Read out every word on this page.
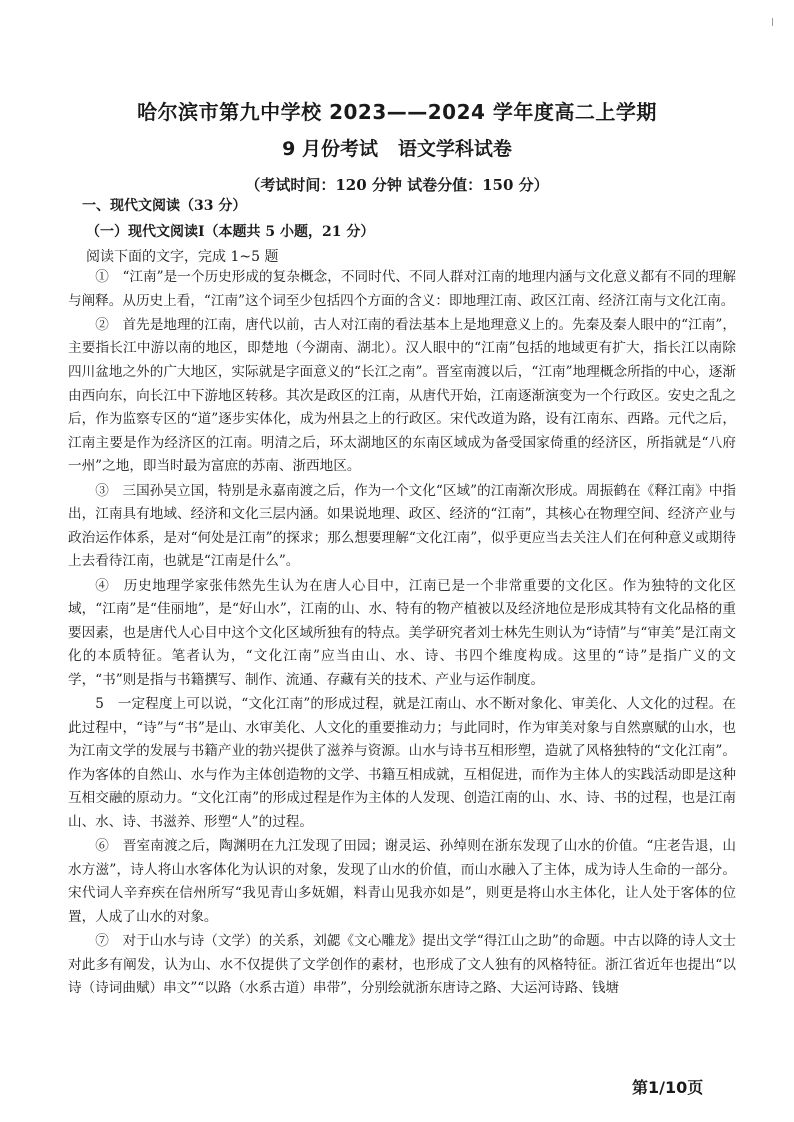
哈尔滨市第九中学校 2023——2024 学年度高二上学期
9 月份考试   语文学科试卷
（考试时间：120 分钟 试卷分值：150 分）
一、现代文阅读（33 分）
（一）现代文阅读Ⅰ（本题共 5 小题，21 分）
阅读下面的文字，完成 1~5 题

①　“江南”是一个历史形成的复杂概念，不同时代、不同人群对江南的地理内涵与文化意义都有不同的理解与阐释。从历史上看，“江南”这个词至少包括四个方面的含义：即地理江南、政区江南、经济江南与文化江南。

②　首先是地理的江南，唐代以前，古人对江南的看法基本上是地理意义上的。先秦及秦人眼中的“江南”，主要指长江中游以南的地区，即楚地（今湖南、湖北）。汉人眼中的“江南”包括的地域更有扩大，指长江以南除四川盆地之外的广大地区，实际就是字面意义的“长江之南”。晋室南渡以后，“江南”地理概念所指的中心，逐渐由西向东，向长江中下游地区转移。其次是政区的江南，从唐代开始，江南逐渐演变为一个行政区。安史之乱之后，作为监察专区的“道”逐步实体化，成为州县之上的行政区。宋代改道为路，设有江南东、西路。元代之后，江南主要是作为经济区的江南。明清之后，环太湖地区的东南区域成为备受国家倚重的经济区，所指就是“八府一州”之地，即当时最为富庶的苏南、浙西地区。

③　三国孙吴立国，特别是永嘉南渡之后，作为一个文化“区域”的江南渐次形成。周振鹤在《释江南》中指出，江南具有地域、经济和文化三层内涵。如果说地理、政区、经济的“江南”，其核心在物理空间、经济产业与政治运作体系，是对“何处是江南”的探求；那么想要理解“文化江南”，似乎更应当去关注人们在何种意义或期待上去看待江南，也就是“江南是什么”。

④　历史地理学家张伟然先生认为在唐人心目中，江南已是一个非常重要的文化区。作为独特的文化区域，“江南”是“佳丽地”，是“好山水”，江南的山、水、特有的物产植被以及经济地位是形成其特有文化品格的重要因素，也是唐代人心目中这个文化区域所独有的特点。美学研究者刘士林先生则认为“诗情”与“审美”是江南文化的本质特征。笔者认为，“文化江南”应当由山、水、诗、书四个维度构成。这里的“诗”是指广义的文学，“书”则是指与书籍撰写、制作、流通、存藏有关的技术、产业与运作制度。

5　一定程度上可以说，“文化江南”的形成过程，就是江南山、水不断对象化、审美化、人文化的过程。在此过程中，“诗”与“书”是山、水审美化、人文化的重要推动力；与此同时，作为审美对象与自然禀赋的山水，也为江南文学的发展与书籍产业的勃兴提供了滋养与资源。山水与诗书互相形塑，造就了风格独特的“文化江南”。作为客体的自然山、水与作为主体创造物的文学、书籍互相成就，互相促进，而作为主体人的实践活动即是这种互相交融的原动力。“文化江南”的形成过程是作为主体的人发现、创造江南的山、水、诗、书的过程，也是江南山、水、诗、书滋养、形塑“人”的过程。

⑥　晋室南渡之后，陶渊明在九江发现了田园；谢灵运、孙绰则在浙东发现了山水的价值。“庄老告退，山水方滋”，诗人将山水客体化为认识的对象，发现了山水的价值，而山水融入了主体，成为诗人生命的一部分。宋代词人辛弃疾在信州所写“我见青山多妩媚，料青山见我亦如是”，则更是将山水主体化，让人处于客体的位置，人成了山水的对象。

⑦　对于山水与诗（文学）的关系，刘勰《文心雕龙》提出文学“得江山之助”的命题。中古以降的诗人文士对此多有阐发，认为山、水不仅提供了文学创作的素材，也形成了文人独有的风格特征。浙江省近年也提出“以诗（诗词曲赋）串文”“以路（水系古道）串带”，分别绘就浙东唐诗之路、大运河诗路、钱塘

第1/10页
